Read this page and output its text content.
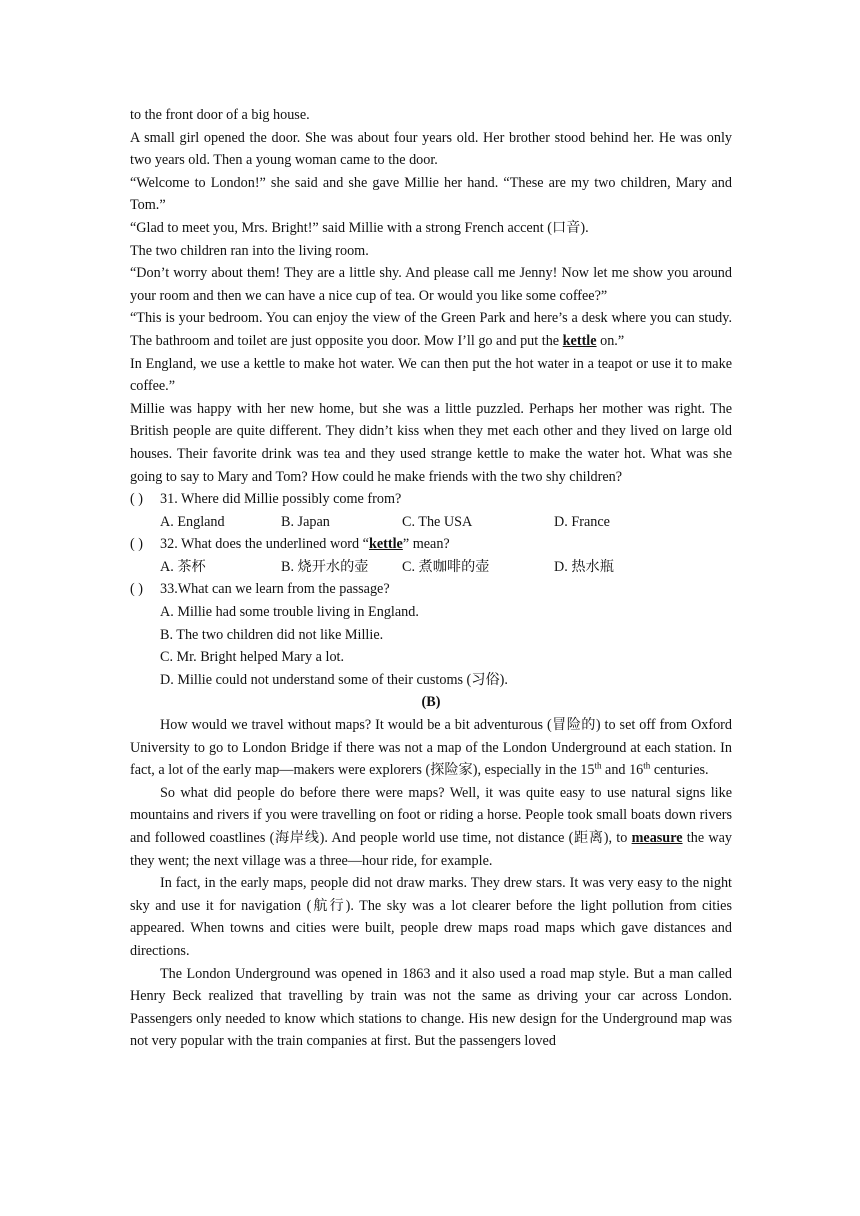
to the front door of a big house.

A small girl opened the door. She was about four years old. Her brother stood behind her. He was only two years old. Then a young woman came to the door.

“Welcome to London!” she said and she gave Millie her hand. “These are my two children, Mary and Tom.”

“Glad to meet you, Mrs. Bright!” said Millie with a strong French accent (口音).

The two children ran into the living room.

“Don’t worry about them! They are a little shy. And please call me Jenny! Now let me show you around your room and then we can have a nice cup of tea. Or would you like some coffee?”

“This is your bedroom. You can enjoy the view of the Green Park and here’s a desk where you can study. The bathroom and toilet are just opposite you door. Mow I’ll go and put the kettle on.”

In England, we use a kettle to make hot water. We can then put the hot water in a teapot or use it to make coffee.”

Millie was happy with her new home, but she was a little puzzled. Perhaps her mother was right. The British people are quite different. They didn’t kiss when they met each other and they lived on large old houses. Their favorite drink was tea and they used strange kettle to make the water hot. What was she going to say to Mary and Tom? How could he make friends with the two shy children?

( )	31. Where did Millie possibly come from?
A. England	B. Japan	C. The USA	D. France
( )	32. What does the underlined word “kettle” mean?
A. 茶杯	B. 烧开水的壶	C. 煮咖啡的壶	D. 热水瓶
( )	33.What can we learn from the passage?

A. Millie had some trouble living in England.

B. The two children did not like Millie.

C. Mr. Bright helped Mary a lot.

D. Millie could not understand some of their customs (习俗).

(B)

How would we travel without maps? It would be a bit adventurous (冒险的) to set off from Oxford University to go to London Bridge if there was not a map of the London Underground at each station. In fact, a lot of the early map—makers were explorers (探险家), especially in the 15th and 16th centuries.

So what did people do before there were maps? Well, it was quite easy to use natural signs like mountains and rivers if you were travelling on foot or riding a horse. People took small boats down rivers and followed coastlines (海岸线). And people world use time, not distance (距离), to measure the way they went; the next village was a three—hour ride, for example.

In fact, in the early maps, people did not draw marks. They drew stars. It was very easy to the night sky and use it for navigation (航行). The sky was a lot clearer before the light pollution from cities appeared. When towns and cities were built, people drew maps road maps which gave distances and directions.

The London Underground was opened in 1863 and it also used a road map style. But a man called Henry Beck realized that travelling by train was not the same as driving your car across London. Passengers only needed to know which stations to change. His new design for the Underground map was not very popular with the train companies at first. But the passengers loved
